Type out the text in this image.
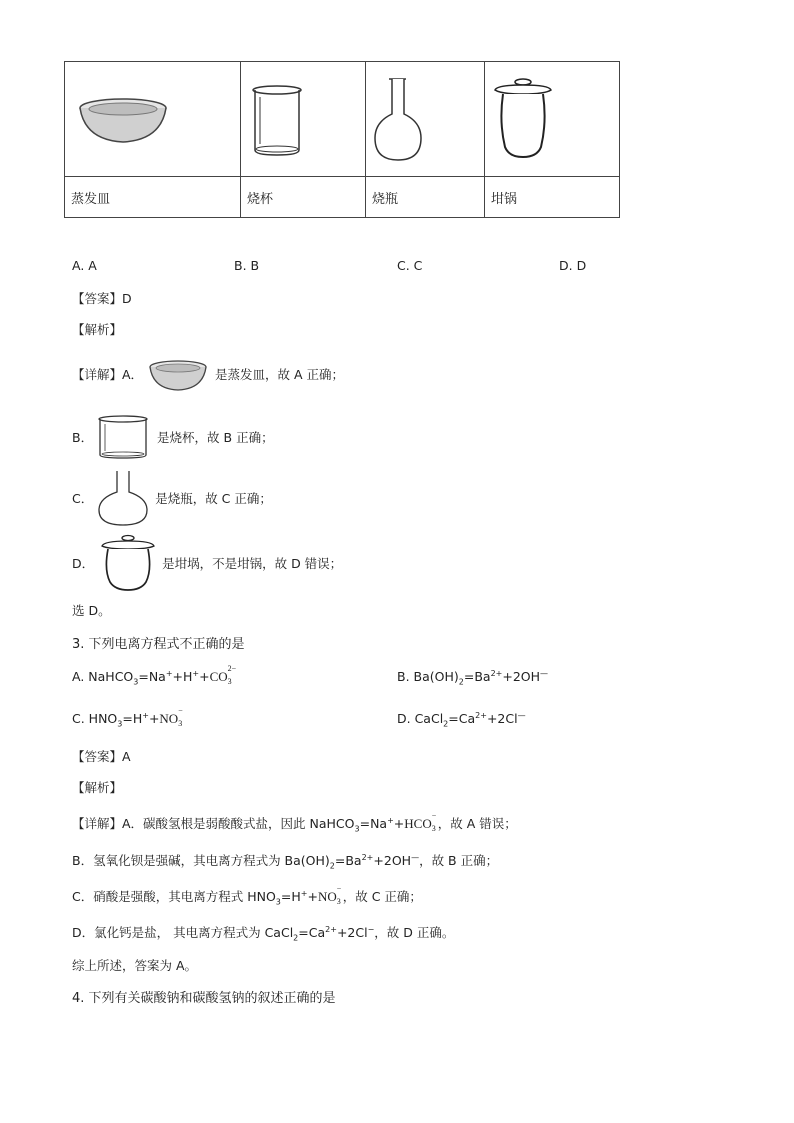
蒸发皿	烧杯	烧瓶	坩锅
A. A	B. B	C. C	D. D
【答案】D
【解析】
【详解】A．	是蒸发皿，故 A 正确；
B．	是烧杯，故 B 正确；
C．	是烧瓶，故 C 正确；
D．	是坩埚，不是坩锅，故 D 错误；
选 D。
3. 下列电离方程式不正确的是
A. NaHCO$_3$=Na++H++CO
2−
3	B. $Ba(OH)_2=Ba^{2+}+2OH^—$
C. $HNO_3=H^++NO$
−
3	D. $CaCl_2=Ca^{2+}+2Cl^—$
【答案】A
【解析】
【详解】A．碳酸氢根是弱酸酸式盐，因此 NaHCO$_3$=Na++HCO
−
3 ，故 A 错误；
B．氢氧化钡是强碱，其电离方程式为 $Ba(OH)_2=Ba^{2+}+2OH^—$，故 B 正确；
C．硝酸是强酸，其电离方程式 $HNO_3=H^++NO$
−
3 ，故 C 正确；
D．氯化钙是盐， 其电离方程式为 $CaCl_2=Ca^{2+}+2Cl^-$，故 D 正确。
综上所述，答案为 A。
4. 下列有关碳酸钠和碳酸氢钠的叙述正确的是
